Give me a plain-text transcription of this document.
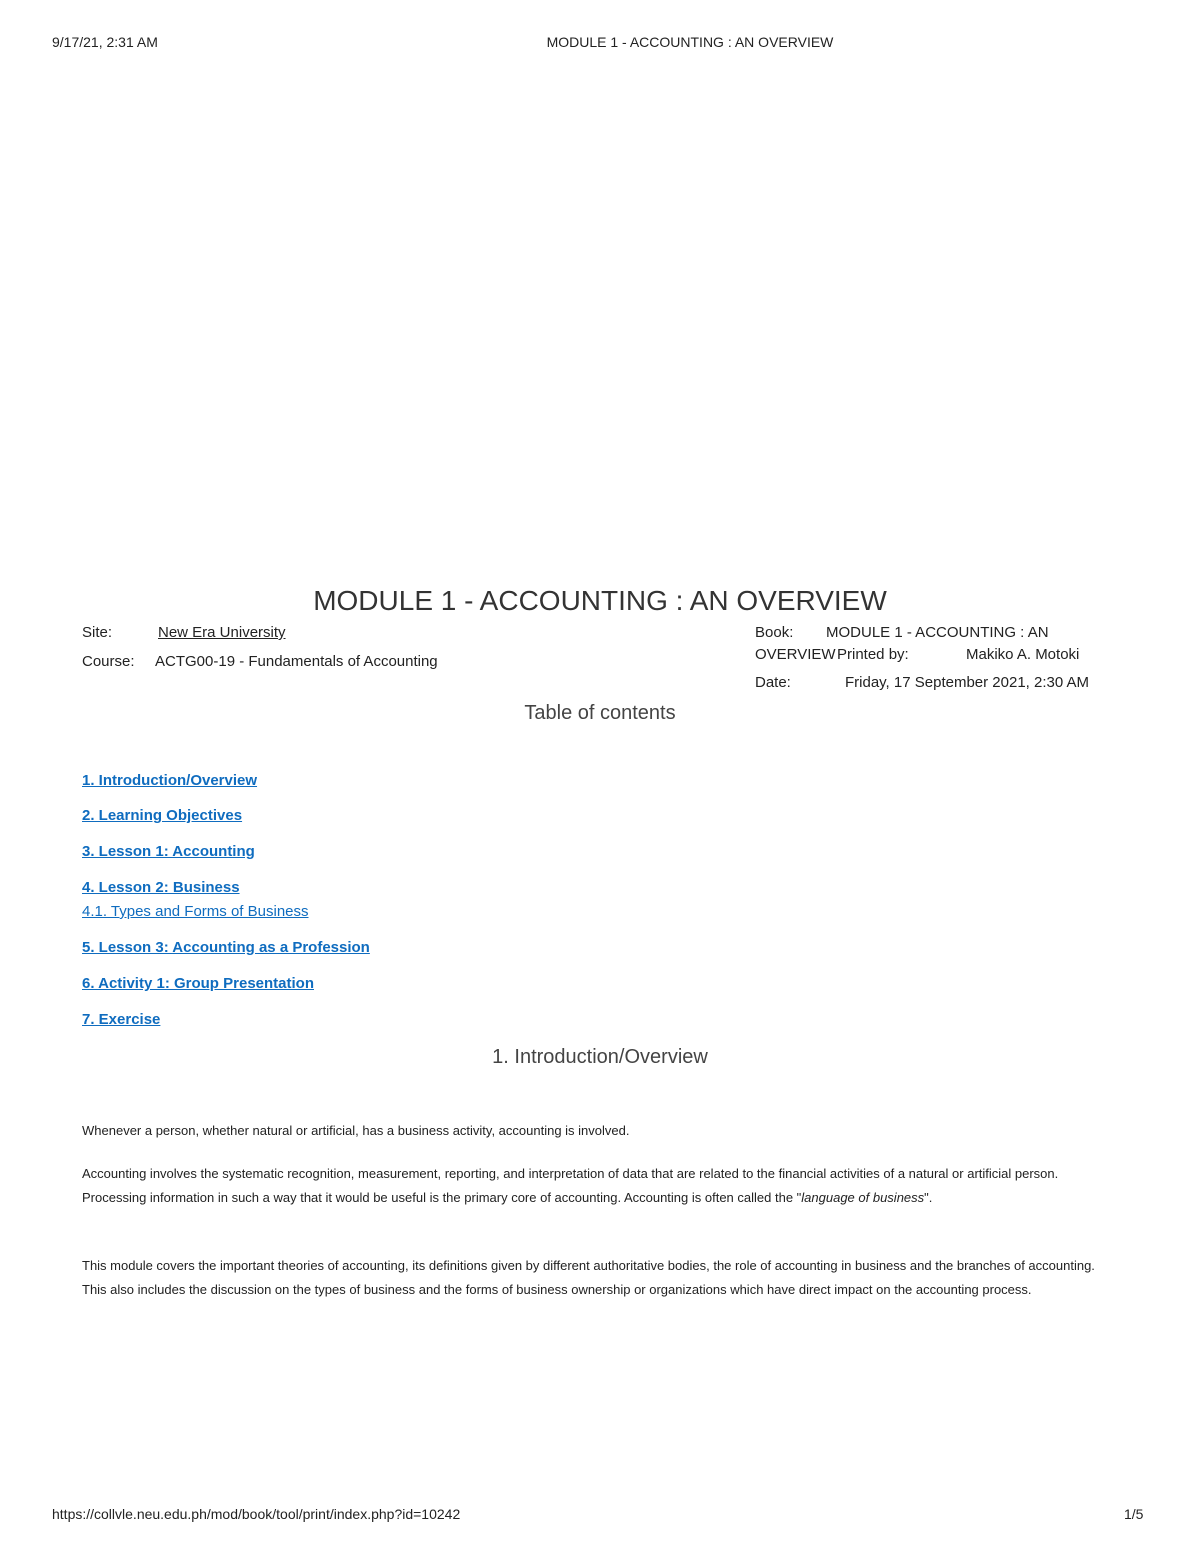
9/17/21, 2:31 AM	MODULE 1 - ACCOUNTING : AN OVERVIEW
MODULE 1 - ACCOUNTING : AN OVERVIEW
Site:	New Era University
Course: ACTG00-19 - Fundamentals of Accounting
Book: MODULE 1 - ACCOUNTING : AN
OVERVIEW Printed by:	Makiko A. Motoki
Date:	Friday, 17 September 2021, 2:30 AM
Table of contents
1. Introduction/Overview
2. Learning Objectives
3. Lesson 1: Accounting
4. Lesson 2: Business
4.1. Types and Forms of Business
5. Lesson 3: Accounting as a Profession
6. Activity 1: Group Presentation
7. Exercise
1. Introduction/Overview

Whenever a person, whether natural or artificial, has a business activity, accounting is involved.

Accounting involves the systematic recognition, measurement, reporting, and interpretation of data that are related to the financial activities of a natural or artificial person. Processing information in such a way that it would be useful is the primary core of accounting. Accounting is often called the "language of business".

This module covers the important theories of accounting, its definitions given by different authoritative bodies, the role of accounting in business and the branches of accounting. This also includes the discussion on the types of business and the forms of business ownership or organizations which have direct impact on the accounting process.

https://collvle.neu.edu.ph/mod/book/tool/print/index.php?id=10242	1/5
